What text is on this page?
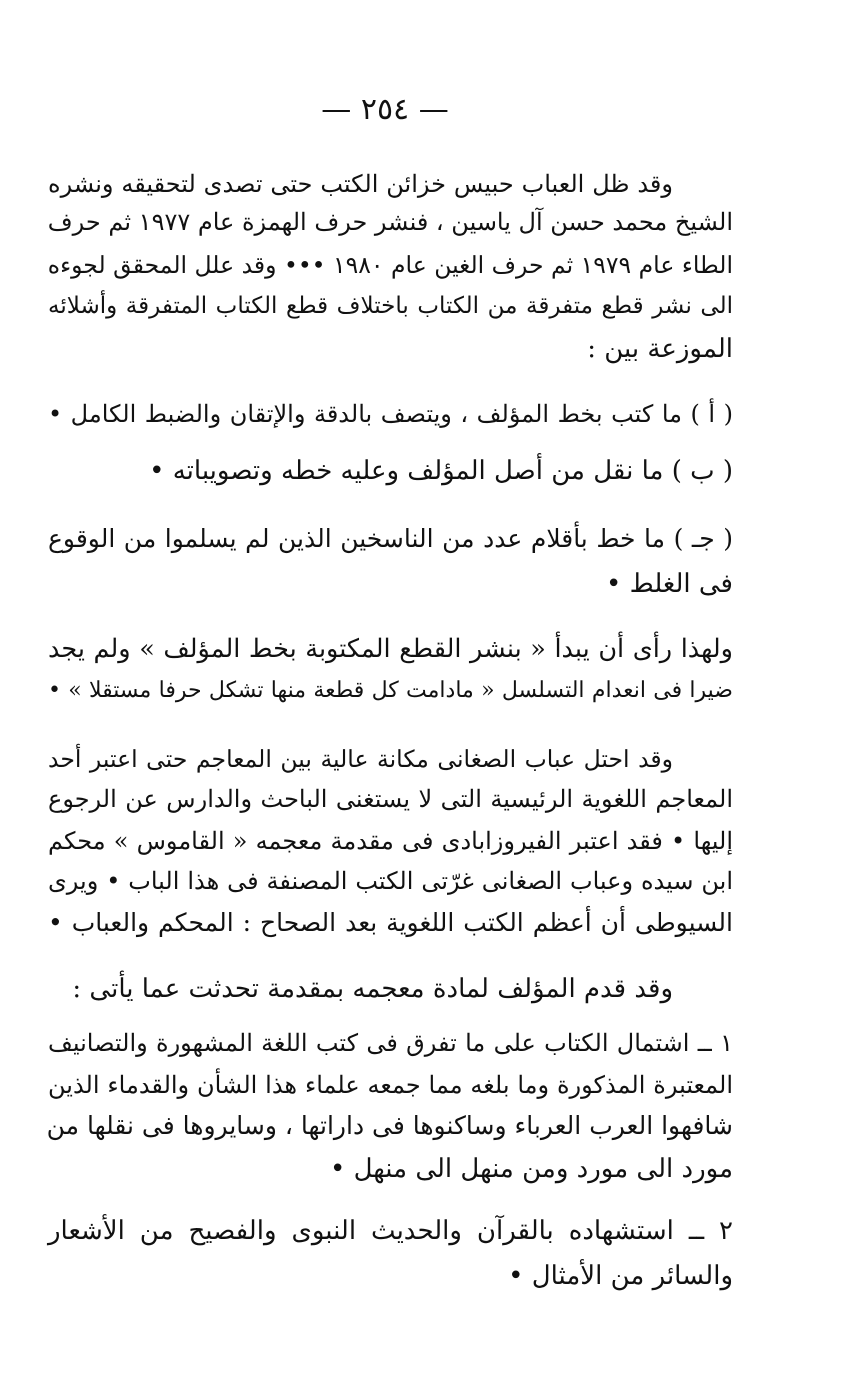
— ٢٥٤ —
وقد ظل العباب حبيس خزائن الكتب حتى تصدى لتحقيقه ونشره
الشيخ محمد حسن آل ياسين ، فنشر حرف الهمزة عام ١٩٧٧ ثم حرف
الطاء عام ١٩٧٩ ثم حرف الغين عام ١٩٨٠ ••• وقد علل المحقق لجوءه
الى نشر قطع متفرقة من الكتاب باختلاف قطع الكتاب المتفرقة وأشلائه
الموزعة بين :
( أ ) ما كتب بخط المؤلف ، ويتصف بالدقة والإتقان والضبط الكامل •
( ب ) ما نقل من أصل المؤلف وعليه خطه وتصويباته •
( جـ ) ما خط بأقلام عدد من الناسخين الذين لم يسلموا من الوقوع
فى الغلط •
ولهذا رأى أن يبدأ « بنشر القطع المكتوبة بخط المؤلف » ولم يجد
ضيرا فى انعدام التسلسل « مادامت كل قطعة منها تشكل حرفا مستقلا » •
وقد احتل عباب الصغانى مكانة عالية بين المعاجم حتى اعتبر أحد
المعاجم اللغوية الرئيسية التى لا يستغنى الباحث والدارس عن الرجوع
إليها • فقد اعتبر الفيروزابادى فى مقدمة معجمه « القاموس » محكم
ابن سيده وعباب الصغانى غرّتى الكتب المصنفة فى هذا الباب • ويرى
السيوطى أن أعظم الكتب اللغوية بعد الصحاح : المحكم والعباب •
وقد قدم المؤلف لمادة معجمه بمقدمة تحدثت عما يأتى :
١ ــ اشتمال الكتاب على ما تفرق فى كتب اللغة المشهورة والتصانيف
المعتبرة المذكورة وما بلغه مما جمعه علماء هذا الشأن والقدماء الذين
شافهوا العرب العرباء وساكنوها فى داراتها ، وسايروها فى نقلها من
مورد الى مورد ومن منهل الى منهل •
٢ ــ استشهاده بالقرآن والحديث النبوى والفصيح من الأشعار
والسائر من الأمثال •
